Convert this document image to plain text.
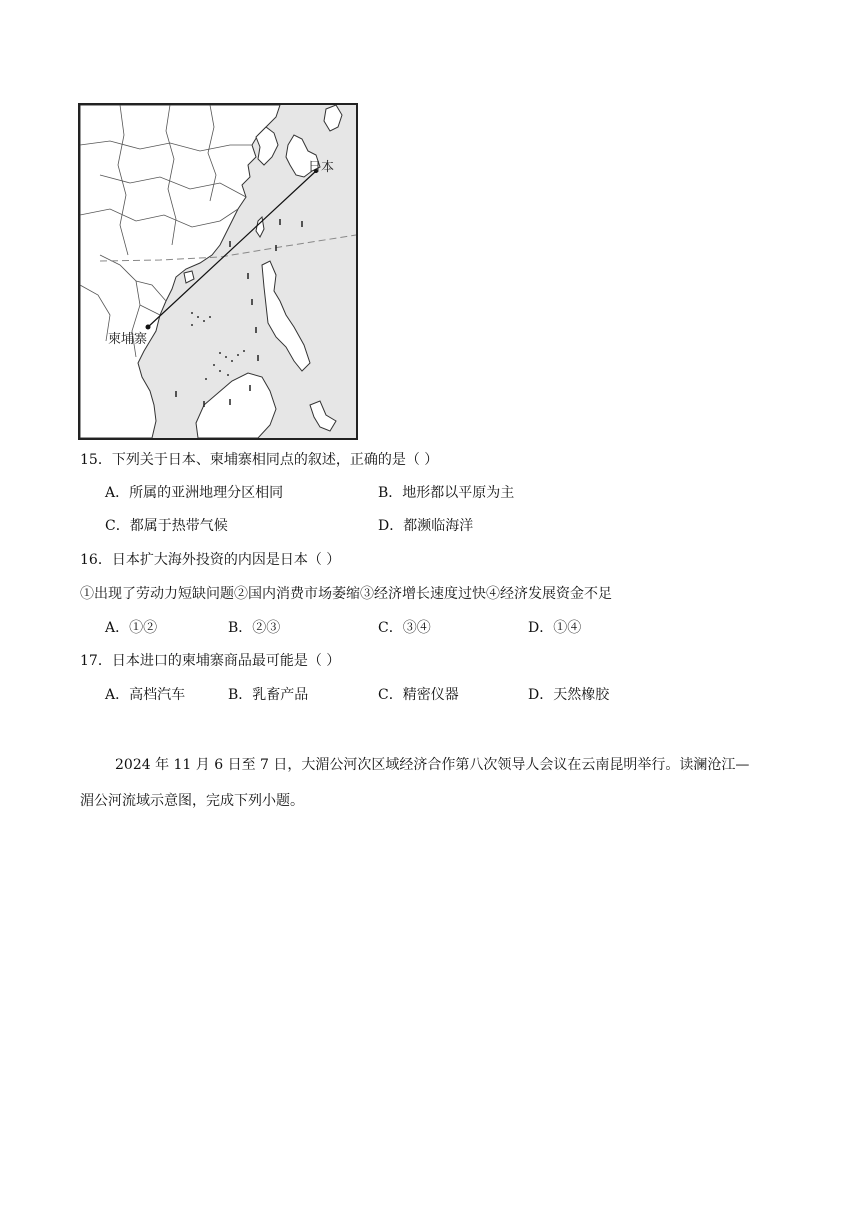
日本
柬埔寨
15．下列关于日本、柬埔寨相同点的叙述，正确的是（ ）
A．所属的亚洲地理分区相同	B．地形都以平原为主
C．都属于热带气候	D．都濒临海洋
16．日本扩大海外投资的内因是日本（ ）
①出现了劳动力短缺问题②国内消费市场萎缩③经济增长速度过快④经济发展资金不足
A．①②	B．②③	C．③④	D．①④
17．日本进口的柬埔寨商品最可能是（ ）
A．高档汽车	B．乳畜产品	C．精密仪器	D．天然橡胶
2024 年 11 月 6 日至 7 日，大湄公河次区域经济合作第八次领导人会议在云南昆明举行。读澜沧江—
湄公河流域示意图，完成下列小题。
